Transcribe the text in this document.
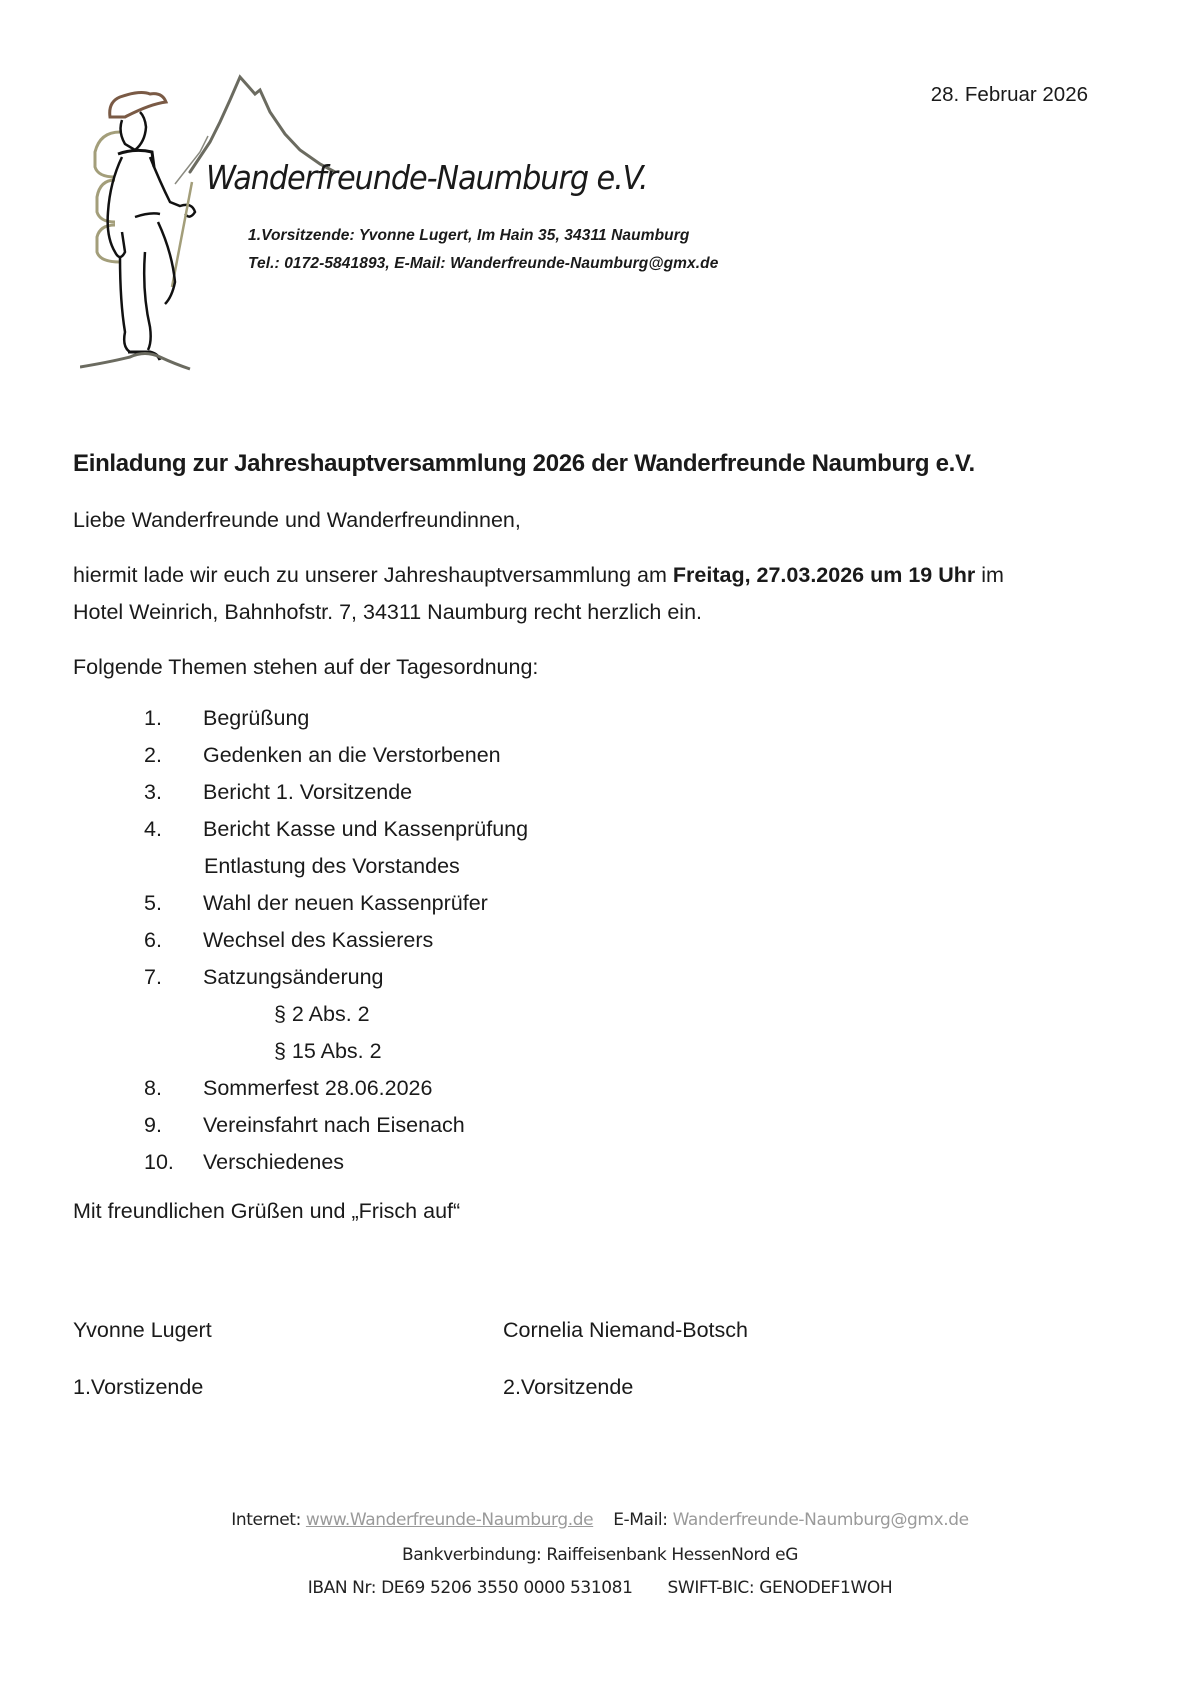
Wanderfreunde-Naumburg e.V.
1.Vorsitzende: Yvonne Lugert, Im Hain 35, 34311 Naumburg
Tel.: 0172-5841893, E-Mail: Wanderfreunde-Naumburg@gmx.de
28. Februar 2026
Einladung zur Jahreshauptversammlung 2026 der Wanderfreunde Naumburg e.V.
Liebe Wanderfreunde und Wanderfreundinnen,
hiermit lade wir euch zu unserer Jahreshauptversammlung am Freitag, 27.03.2026 um 19 Uhr im
Hotel Weinrich, Bahnhofstr. 7, 34311 Naumburg recht herzlich ein.
Folgende Themen stehen auf der Tagesordnung:
1.	Begrüßung
2.	Gedenken an die Verstorbenen
3.	Bericht 1. Vorsitzende
4.	Bericht Kasse und Kassenprüfung
Entlastung des Vorstandes
5.	Wahl der neuen Kassenprüfer
6.	Wechsel des Kassierers
7.	Satzungsänderung
§ 2 Abs. 2
§ 15 Abs. 2
8.	Sommerfest 28.06.2026
9.	Vereinsfahrt nach Eisenach
10.	Verschiedenes
Mit freundlichen Grüßen und „Frisch auf“
Yvonne Lugert
1.Vorstizende
Cornelia Niemand-Botsch
2.Vorsitzende
Internet: www.Wanderfreunde-Naumburg.de E-Mail: Wanderfreunde-Naumburg@gmx.de
Bankverbindung: Raiffeisenbank HessenNord eG
IBAN Nr: DE69 5206 3550 0000 531081 SWIFT-BIC: GENODEF1WOH
